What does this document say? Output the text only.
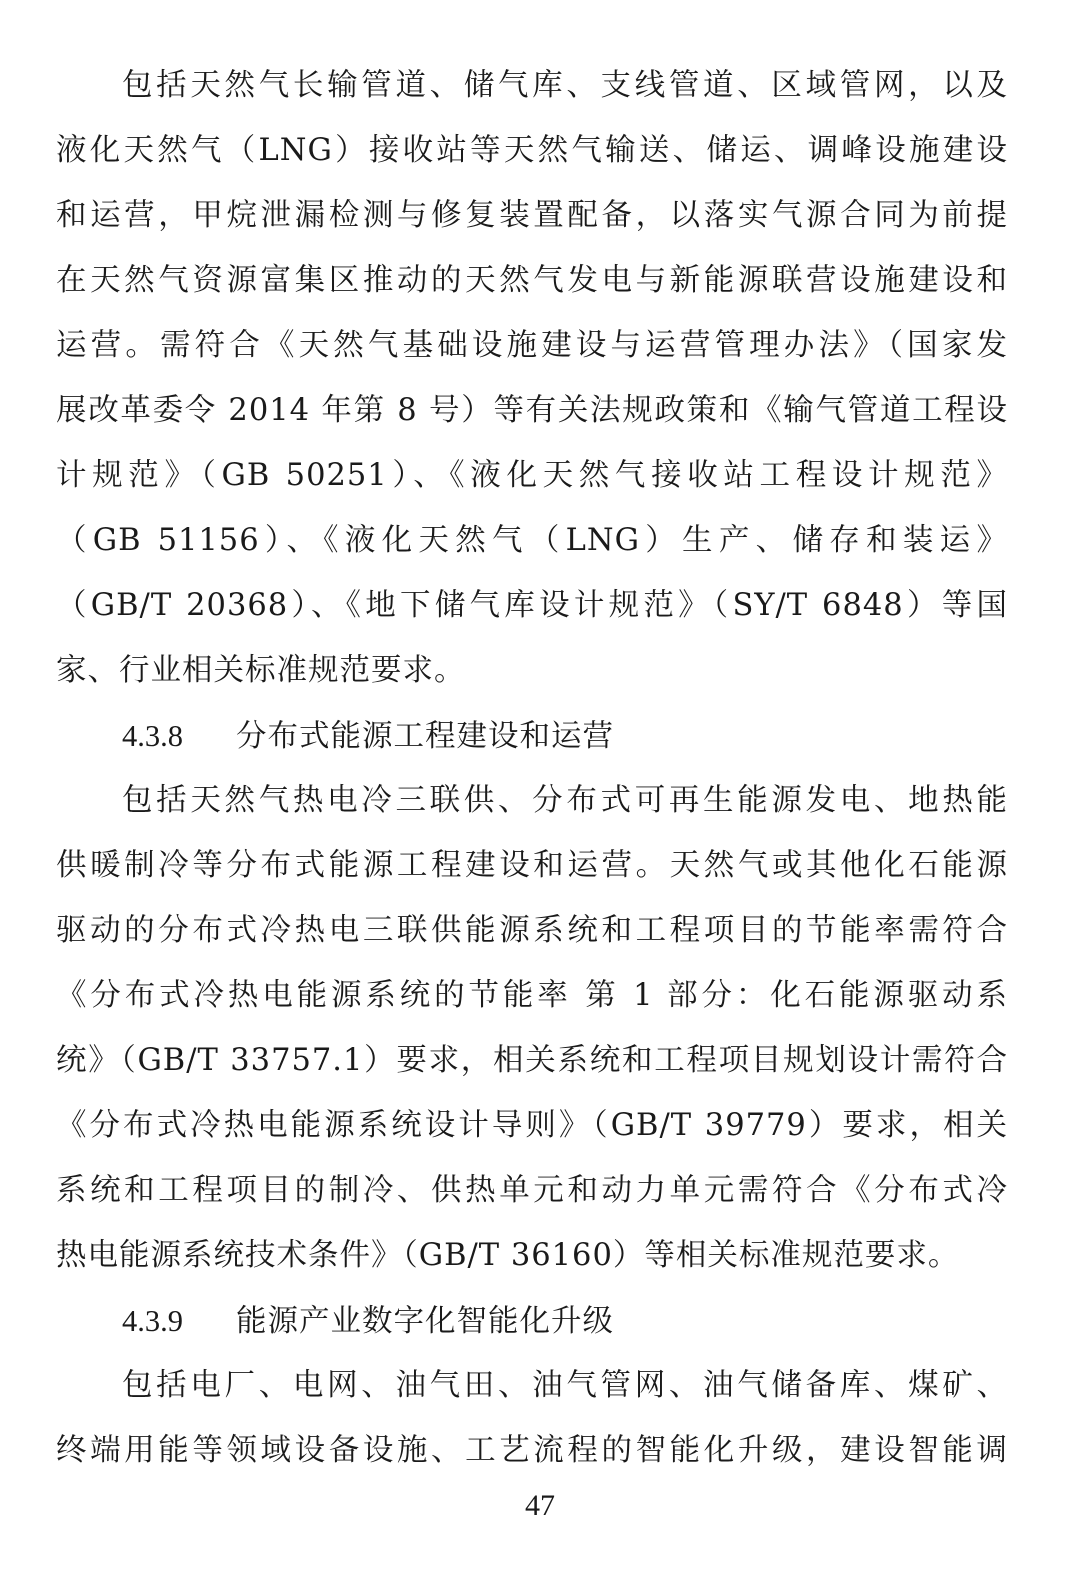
包括天然气长输管道、储气库、支线管道、区域管网，以及
液化天然气（LNG）接收站等天然气输送、储运、调峰设施建设
和运营，甲烷泄漏检测与修复装置配备，以落实气源合同为前提
在天然气资源富集区推动的天然气发电与新能源联营设施建设和
运营。需符合《天然气基础设施建设与运营管理办法》（国家发
展改革委令 2014 年第 8 号）等有关法规政策和《输气管道工程设
计规范》（GB 50251）、《液化天然气接收站工程设计规范》
（GB 51156）、《液化天然气（LNG）生产、储存和装运》
（GB/T 20368）、《地下储气库设计规范》（SY/T 6848）等国
家、行业相关标准规范要求。
4.3.8 分布式能源工程建设和运营
包括天然气热电冷三联供、分布式可再生能源发电、地热能
供暖制冷等分布式能源工程建设和运营。天然气或其他化石能源
驱动的分布式冷热电三联供能源系统和工程项目的节能率需符合
《分布式冷热电能源系统的节能率 第 1 部分：化石能源驱动系
统》（GB/T 33757.1）要求，相关系统和工程项目规划设计需符合
《分布式冷热电能源系统设计导则》（GB/T 39779）要求，相关
系统和工程项目的制冷、供热单元和动力单元需符合《分布式冷
热电能源系统技术条件》（GB/T 36160）等相关标准规范要求。
4.3.9 能源产业数字化智能化升级
包括电厂、电网、油气田、油气管网、油气储备库、煤矿、
终端用能等领域设备设施、工艺流程的智能化升级，建设智能调
47
